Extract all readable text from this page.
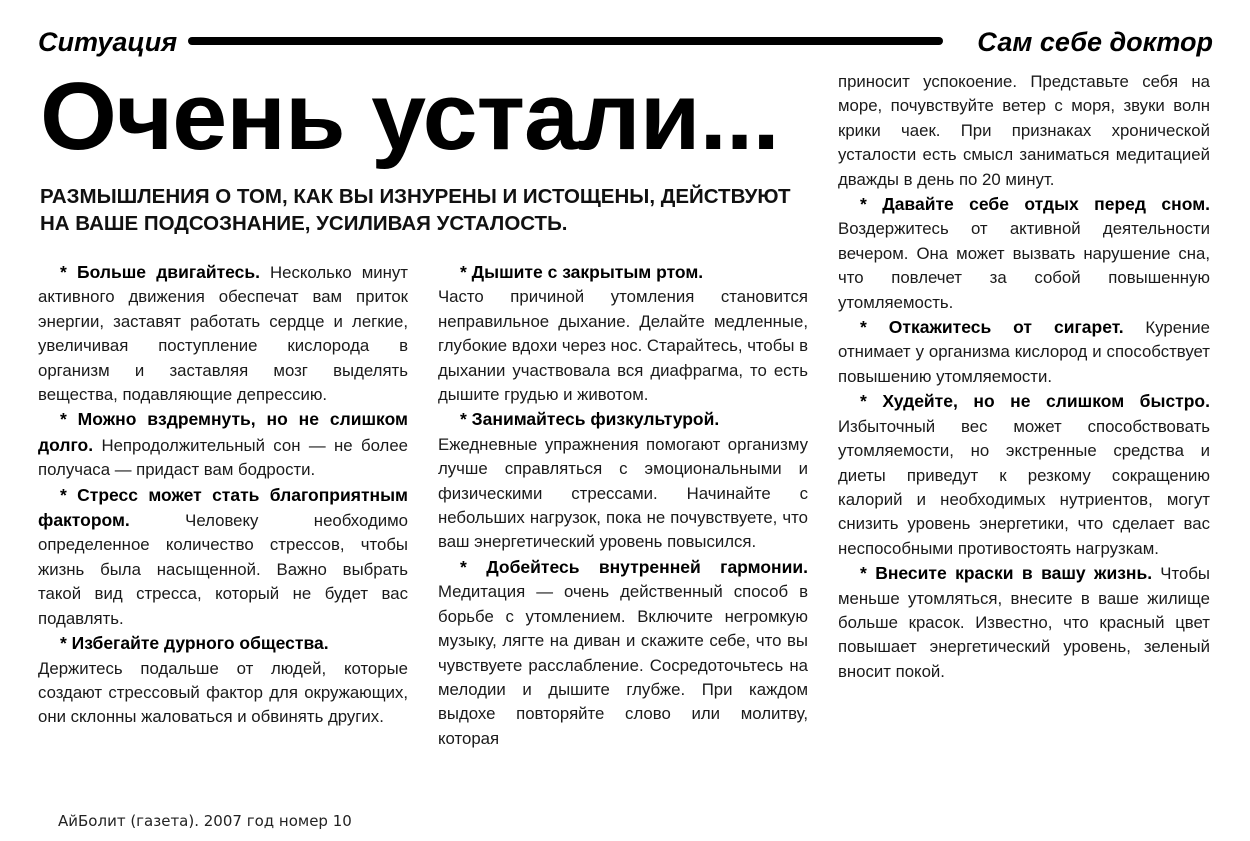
Ситуация	Сам себе доктор
Очень устали...
РАЗМЫШЛЕНИЯ О ТОМ, КАК ВЫ ИЗНУРЕНЫ И ИСТОЩЕНЫ, ДЕЙСТВУЮТ НА ВАШЕ ПОДСОЗНАНИЕ, УСИЛИВАЯ УСТАЛОСТЬ.

* Больше двигайтесь. Несколько минут активного движения обеспечат вам приток энергии, заставят работать сердце и легкие, увеличивая поступление кислорода в организм и заставляя мозг выделять вещества, подавляющие депрессию.

* Можно вздремнуть, но не слишком долго. Непродолжительный сон — не более получаса — придаст вам бодрости.

* Стресс может стать благоприятным фактором. Человеку необходимо определенное количество стрессов, чтобы жизнь была насыщенной. Важно выбрать такой вид стресса, который не будет вас подавлять.

* Избегайте дурного общества.
Держитесь подальше от людей, которые создают стрессовый фактор для окружающих, они склонны жаловаться и обвинять других.

* Дышите с закрытым ртом.
Часто причиной утомления становится неправильное дыхание. Делайте медленные, глубокие вдохи через нос. Старайтесь, чтобы в дыхании участвовала вся диафрагма, то есть дышите грудью и животом.

* Занимайтесь физкультурой.
Ежедневные упражнения помогают организму лучше справляться с эмоциональными и физическими стрессами. Начинайте с небольших нагрузок, пока не почувствуете, что ваш энергетический уровень повысился.

* Добейтесь внутренней гармонии. Медитация — очень действенный способ в борьбе с утомлением. Включите негромкую музыку, лягте на диван и скажите себе, что вы чувствуете расслабление. Сосредоточьтесь на мелодии и дышите глубже. При каждом выдохе повторяйте слово или молитву, которая

приносит успокоение. Представьте себя на море, почувствуйте ветер с моря, звуки волн крики чаек. При признаках хронической усталости есть смысл заниматься медитацией дважды в день по 20 минут.

* Давайте себе отдых перед сном. Воздержитесь от активной деятельности вечером. Она может вызвать нарушение сна, что повлечет за собой повышенную утомляемость.

* Откажитесь от сигарет. Курение отнимает у организма кислород и способствует повышению утомляемости.

* Худейте, но не слишком быстро. Избыточный вес может способствовать утомляемости, но экстренные средства и диеты приведут к резкому сокращению калорий и необходимых нутриентов, могут снизить уровень энергетики, что сделает вас неспособными противостоять нагрузкам.

* Внесите краски в вашу жизнь. Чтобы меньше утомляться, внесите в ваше жилище больше красок. Известно, что красный цвет повышает энергетический уровень, зеленый вносит покой.

АйБолит (газета). 2007 год номер 10
